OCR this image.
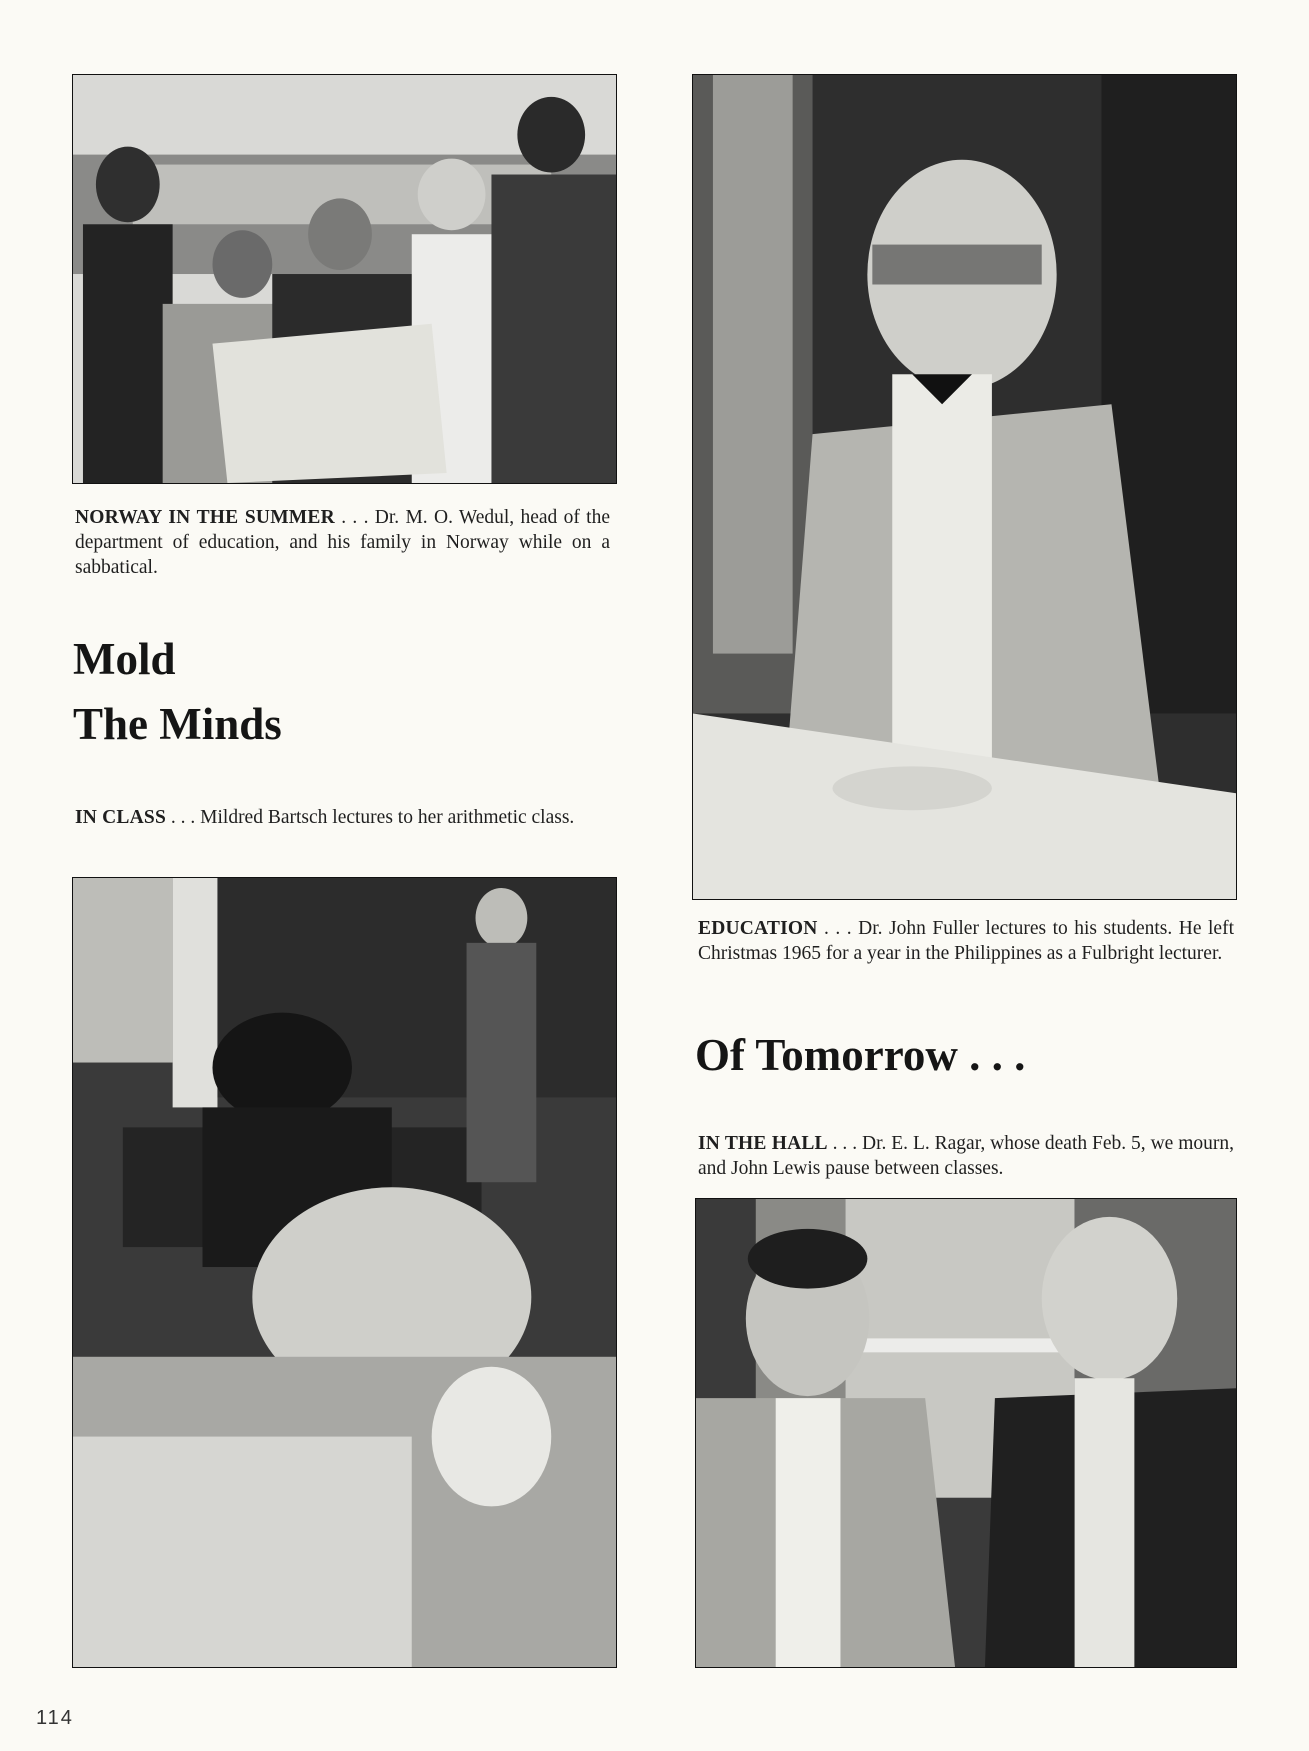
NORWAY IN THE SUMMER . . . Dr. M. O. Wedul, head of the department of education, and his family in Norway while on a sabbatical.

Mold
The Minds

IN CLASS . . . Mildred Bartsch lectures to her arithmetic class.

EDUCATION . . . Dr. John Fuller lectures to his students. He left Christmas 1965 for a year in the Philippines as a Fulbright lecturer.

Of Tomorrow . . .

IN THE HALL . . . Dr. E. L. Ragar, whose death Feb. 5, we mourn, and John Lewis pause between classes.

114
